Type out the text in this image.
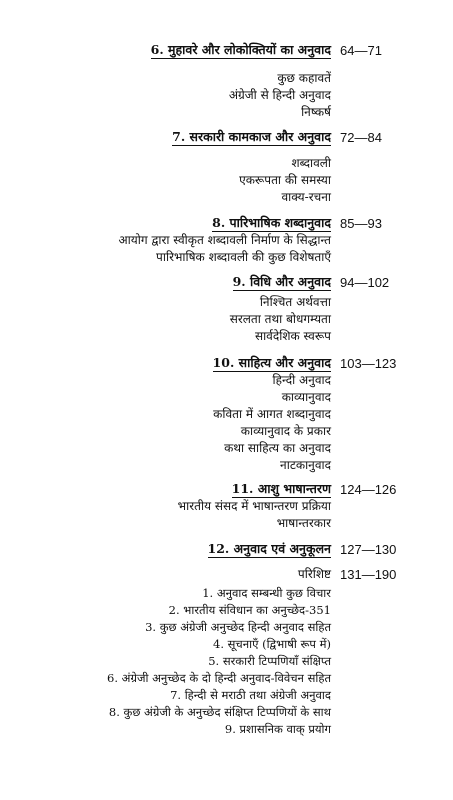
6. मुहावरे और लोकोक्तियों का अनुवाद 64—71
कुछ कहावतें
अंग्रेजी से हिन्दी अनुवाद
निष्कर्ष
7. सरकारी कामकाज और अनुवाद 72—84
शब्दावली
एकरूपता की समस्या
वाक्य-रचना
8. पारिभाषिक शब्दानुवाद 85—93
आयोग द्वारा स्वीकृत शब्दावली निर्माण के सिद्धान्त
पारिभाषिक शब्दावली की कुछ विशेषताएँ
9. विधि और अनुवाद 94—102
निश्चित अर्थवत्ता
सरलता तथा बोधगम्यता
सार्वदेशिक स्वरूप
10. साहित्य और अनुवाद 103—123
हिन्दी अनुवाद
काव्यानुवाद
कविता में आगत शब्दानुवाद
काव्यानुवाद के प्रकार
कथा साहित्य का अनुवाद
नाटकानुवाद
11. आशु भाषान्तरण 124—126
भारतीय संसद में भाषान्तरण प्रक्रिया
भाषान्तरकार
12. अनुवाद एवं अनुकूलन 127—130
परिशिष्ट 131—190
1. अनुवाद सम्बन्धी कुछ विचार
2. भारतीय संविधान का अनुच्छेद-351
3. कुछ अंग्रेजी अनुच्छेद हिन्दी अनुवाद सहित
4. सूचनाएँ (द्विभाषी रूप में)
5. सरकारी टिप्पणियाँ संक्षिप्त
6. अंग्रेजी अनुच्छेद के दो हिन्दी अनुवाद-विवेचन सहित
7. हिन्दी से मराठी तथा अंग्रेजी अनुवाद
8. कुछ अंग्रेजी के अनुच्छेद संक्षिप्त टिप्पणियों के साथ
9. प्रशासनिक वाक् प्रयोग
